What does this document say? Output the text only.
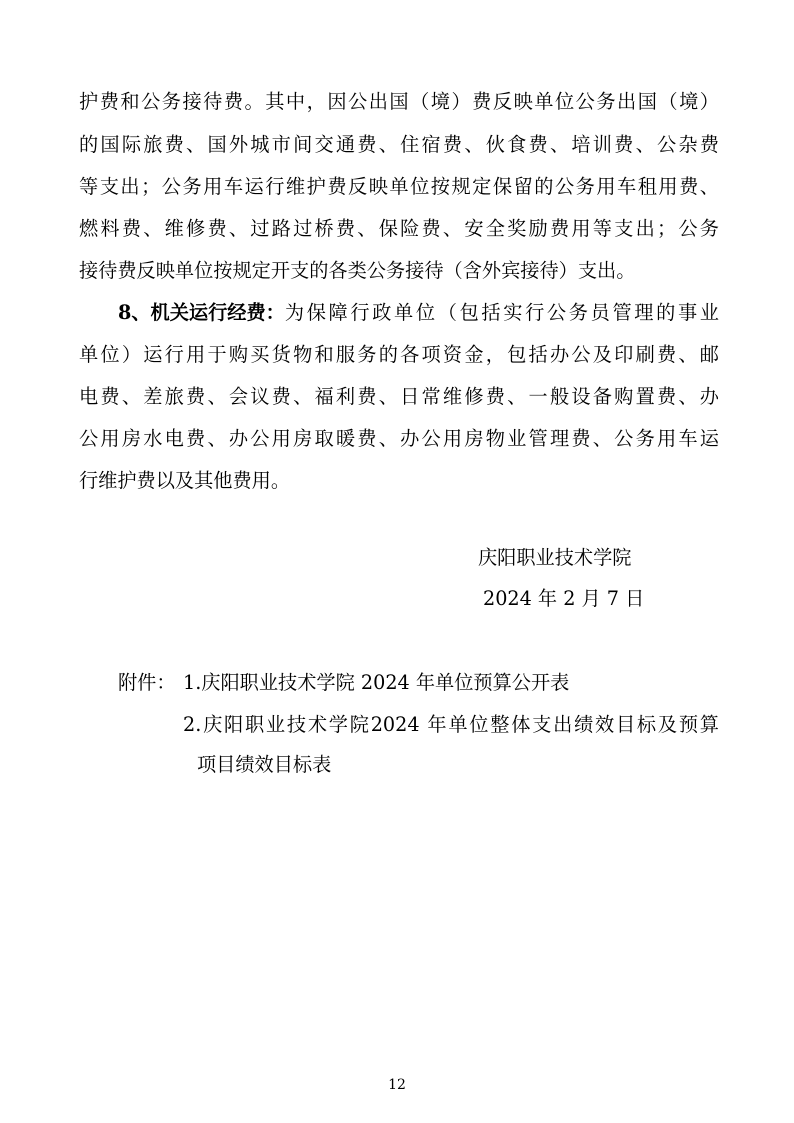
护费和公务接待费。其中，因公出国（境）费反映单位公务出国（境）
的国际旅费、国外城市间交通费、住宿费、伙食费、培训费、公杂费
等支出；公务用车运行维护费反映单位按规定保留的公务用车租用费、
燃料费、维修费、过路过桥费、保险费、安全奖励费用等支出；公务
接待费反映单位按规定开支的各类公务接待（含外宾接待）支出。
8、机关运行经费： 为保障行政单位（包括实行公务员管理的事业
单位）运行用于购买货物和服务的各项资金，包括办公及印刷费、邮
电费、差旅费、会议费、福利费、日常维修费、一般设备购置费、办
公用房水电费、办公用房取暖费、办公用房物业管理费、公务用车运
行维护费以及其他费用。
庆阳职业技术学院
2024 年 2 月 7 日
附件： 1.庆阳职业技术学院 2024 年单位预算公开表
2.庆阳职业技术学院2024 年单位整体支出绩效目标及预算
项目绩效目标表
12
